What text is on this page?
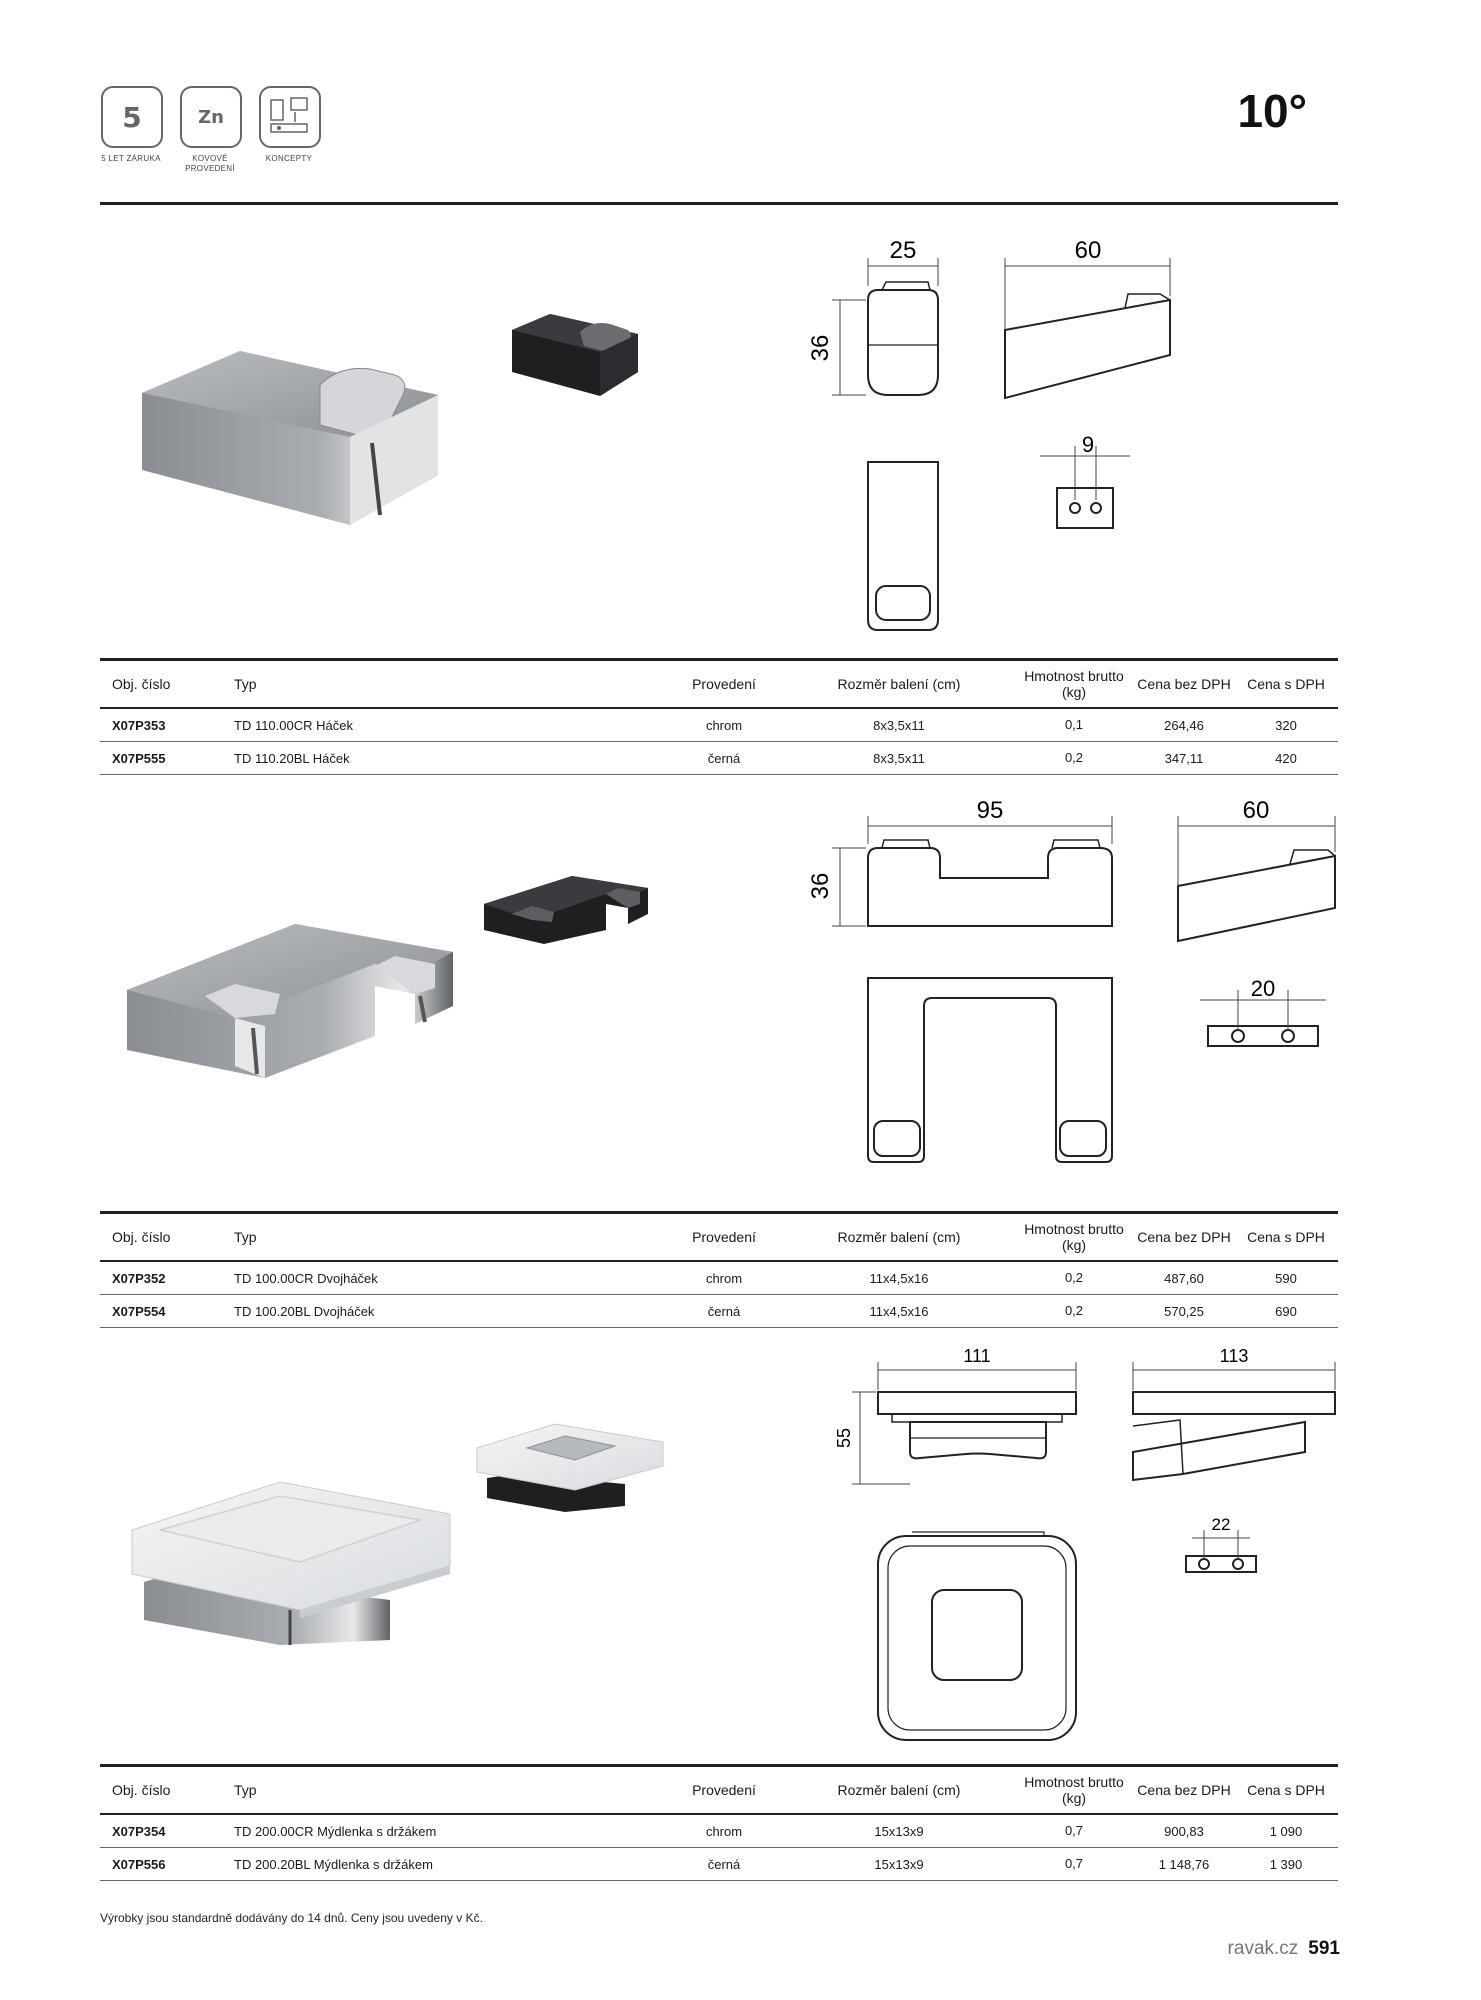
5
5 LET ZÁRUKA
Zn
KOVOVÉ PROVEDENÍ
KONCEPTY
10°
25	60
36
9
Obj. číslo	Typ	Provedení	Rozměr balení (cm)	Hmotnost brutto (kg)	Cena bez DPH	Cena s DPH
X07P353	TD 110.00CR Háček	chrom	8x3,5x11	0,1	264,46	320
X07P555	TD 110.20BL Háček	černá	8x3,5x11	0,2	347,11	420
95	60
36
20
Obj. číslo	Typ	Provedení	Rozměr balení (cm)	Hmotnost brutto (kg)	Cena bez DPH	Cena s DPH
X07P352	TD 100.00CR Dvojháček	chrom	11x4,5x16	0,2	487,60	590
X07P554	TD 100.20BL Dvojháček	černá	11x4,5x16	0,2	570,25	690
111	113
55
22
Obj. číslo	Typ	Provedení	Rozměr balení (cm)	Hmotnost brutto (kg)	Cena bez DPH	Cena s DPH
X07P354	TD 200.00CR Mýdlenka s držákem	chrom	15x13x9	0,7	900,83	1 090
X07P556	TD 200.20BL Mýdlenka s držákem	černá	15x13x9	0,7	1 148,76	1 390
Výrobky jsou standardně dodávány do 14 dnů. Ceny jsou uvedeny v Kč.
ravak.cz 591
